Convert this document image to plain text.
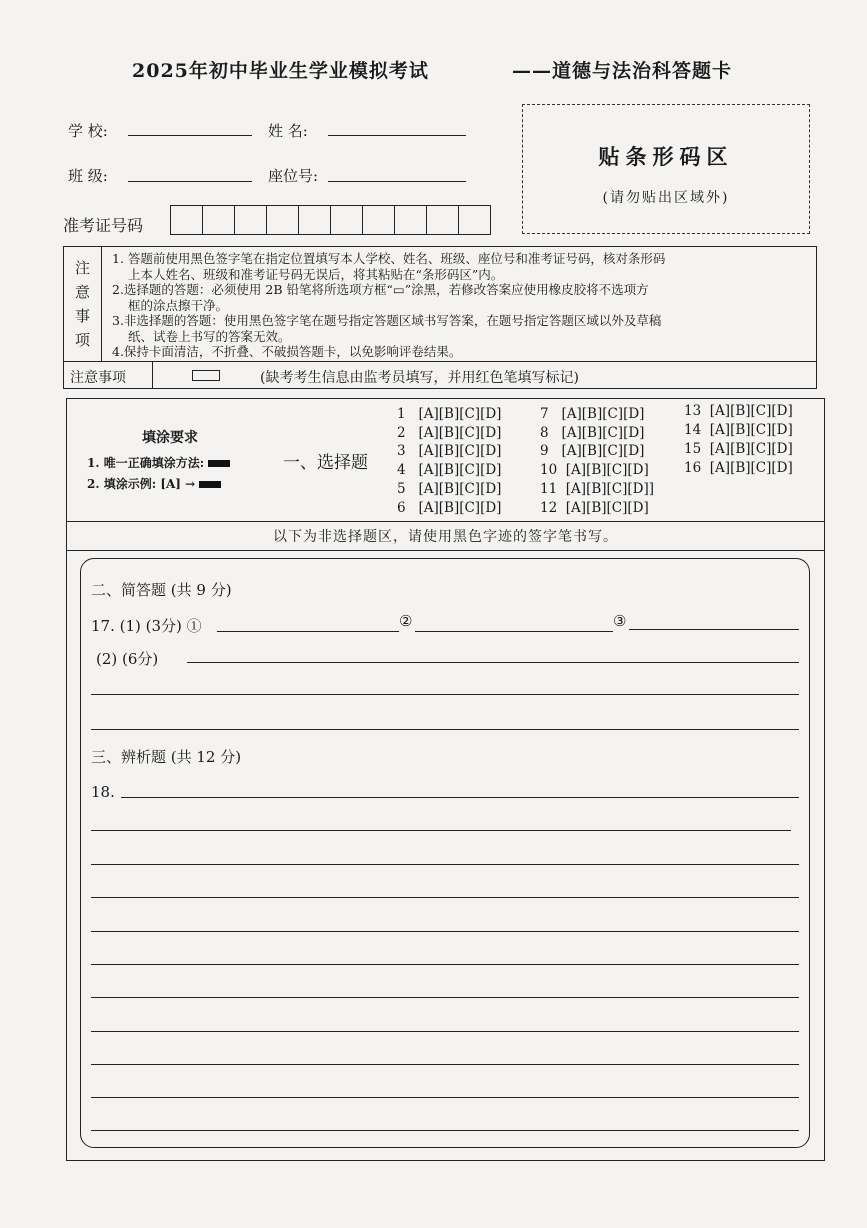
2025年初中毕业生学业模拟考试	——道德与法治科答题卡
学 校:	姓 名:
班 级:	座位号:
准考证号码
贴条形码区
(请勿贴出区域外)
注
意
事
项

1. 答题前使用黑色签字笔在指定位置填写本人学校、姓名、班级、座位号和准考证号码，核对条形码

上本人姓名、班级和准考证号码无误后，将其粘贴在“条形码区”内。

2.选择题的答题：必须使用 2B 铅笔将所选项方框“▭”涂黑，若修改答案应使用橡皮胶将不选项方

框的涂点擦干净。

3.非选择题的答题：使用黑色签字笔在题号指定答题区域书写答案，在题号指定答题区域以外及草稿

纸、试卷上书写的答案无效。

4.保持卡面清洁，不折叠、不破损答题卡，以免影响评卷结果。

注意事项	(缺考考生信息由监考员填写，并用红色笔填写标记)
填涂要求
1. 唯一正确填涂方法:
2. 填涂示例: [A] →
一、选择题
1 [A][B][C][D]
2 [A][B][C][D]
3 [A][B][C][D]
4 [A][B][C][D]
5 [A][B][C][D]
6 [A][B][C][D]
7 [A][B][C][D]
8 [A][B][C][D]
9 [A][B][C][D]
10 [A][B][C][D]
11 [A][B][C][D]]
12 [A][B][C][D]
13 [A][B][C][D]
14 [A][B][C][D]
15 [A][B][C][D]
16 [A][B][C][D]
以下为非选择题区，请使用黑色字迹的签字笔书写。
二、简答题 (共 9 分)
17. (1) (3分) ①	②	③
(2) (6分)
三、辨析题 (共 12 分)
18.
